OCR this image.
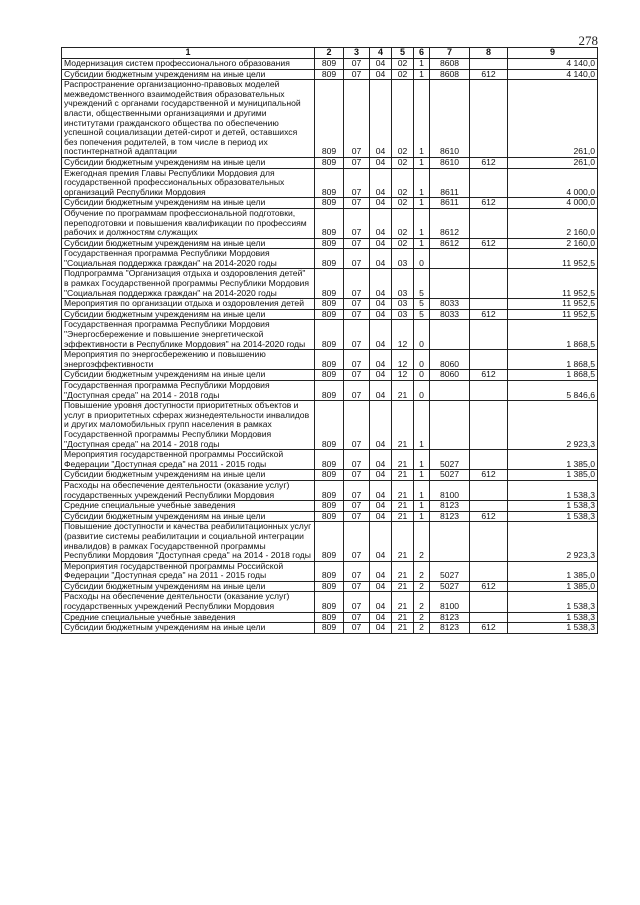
278
1	2	3	4	5	6	7	8	9
Модернизация систем профессионального образования	809	07	04	02	1	8608		4 140,0
Субсидии бюджетным учреждениям на иные цели	809	07	04	02	1	8608	612	4 140,0
Распространение организационно-правовых моделей межведомственного взаимодействия образовательных учреждений с органами государственной и муниципальной власти, общественными организациями и другими институтами гражданского общества по обеспечению успешной социализации детей-сирот и детей, оставшихся без попечения родителей, в том числе в период их постинтернатной адаптации	809	07	04	02	1	8610		261,0
Субсидии бюджетным учреждениям на иные цели	809	07	04	02	1	8610	612	261,0
Ежегодная премия Главы Республики Мордовия для государственной профессиональных образовательных организаций Республики Мордовия	809	07	04	02	1	8611		4 000,0
Субсидии бюджетным учреждениям на иные цели	809	07	04	02	1	8611	612	4 000,0
Обучение по программам профессиональной подготовки, переподготовки и повышения квалификации по профессиям рабочих и должностям служащих	809	07	04	02	1	8612		2 160,0
Субсидии бюджетным учреждениям на иные цели	809	07	04	02	1	8612	612	2 160,0
Государственная программа Республики Мордовия "Социальная поддержка граждан" на 2014-2020 годы	809	07	04	03	0			11 952,5
Подпрограмма "Организация отдыха и оздоровления детей" в рамках Государственной программы Республики Мордовия "Социальная поддержка граждан" на 2014-2020 годы	809	07	04	03	5			11 952,5
Мероприятия по организации отдыха и оздоровления детей	809	07	04	03	5	8033		11 952,5
Субсидии бюджетным учреждениям на иные цели	809	07	04	03	5	8033	612	11 952,5
Государственная программа Республики Мордовия "Энергосбережение и повышение энергетической эффективности в Республике Мордовия" на 2014-2020 годы	809	07	04	12	0			1 868,5
Мероприятия по энергосбережению и повышению энергоэффективности	809	07	04	12	0	8060		1 868,5
Субсидии бюджетным учреждениям на иные цели	809	07	04	12	0	8060	612	1 868,5
Государственная программа Республики Мордовия "Доступная среда" на 2014 - 2018 годы	809	07	04	21	0			5 846,6
Повышение уровня доступности приоритетных объектов и услуг в приоритетных сферах жизнедеятельности инвалидов и других маломобильных групп населения в рамках Государственной программы Республики Мордовия "Доступная среда" на 2014 - 2018 годы	809	07	04	21	1			2 923,3
Мероприятия государственной программы Российской Федерации "Доступная среда" на 2011 - 2015 годы	809	07	04	21	1	5027		1 385,0
Субсидии бюджетным учреждениям на иные цели	809	07	04	21	1	5027	612	1 385,0
Расходы на обеспечение деятельности (оказание услуг) государственных учреждений Республики Мордовия	809	07	04	21	1	8100		1 538,3
Средние специальные учебные заведения	809	07	04	21	1	8123		1 538,3
Субсидии бюджетным учреждениям на иные цели	809	07	04	21	1	8123	612	1 538,3
Повышение доступности и качества реабилитационных услуг (развитие системы реабилитации и социальной интеграции инвалидов) в рамках Государственной программы Республики Мордовия "Доступная среда" на 2014 - 2018 годы	809	07	04	21	2			2 923,3
Мероприятия государственной программы Российской Федерации "Доступная среда" на 2011 - 2015 годы	809	07	04	21	2	5027		1 385,0
Субсидии бюджетным учреждениям на иные цели	809	07	04	21	2	5027	612	1 385,0
Расходы на обеспечение деятельности (оказание услуг) государственных учреждений Республики Мордовия	809	07	04	21	2	8100		1 538,3
Средние специальные учебные заведения	809	07	04	21	2	8123		1 538,3
Субсидии бюджетным учреждениям на иные цели	809	07	04	21	2	8123	612	1 538,3
